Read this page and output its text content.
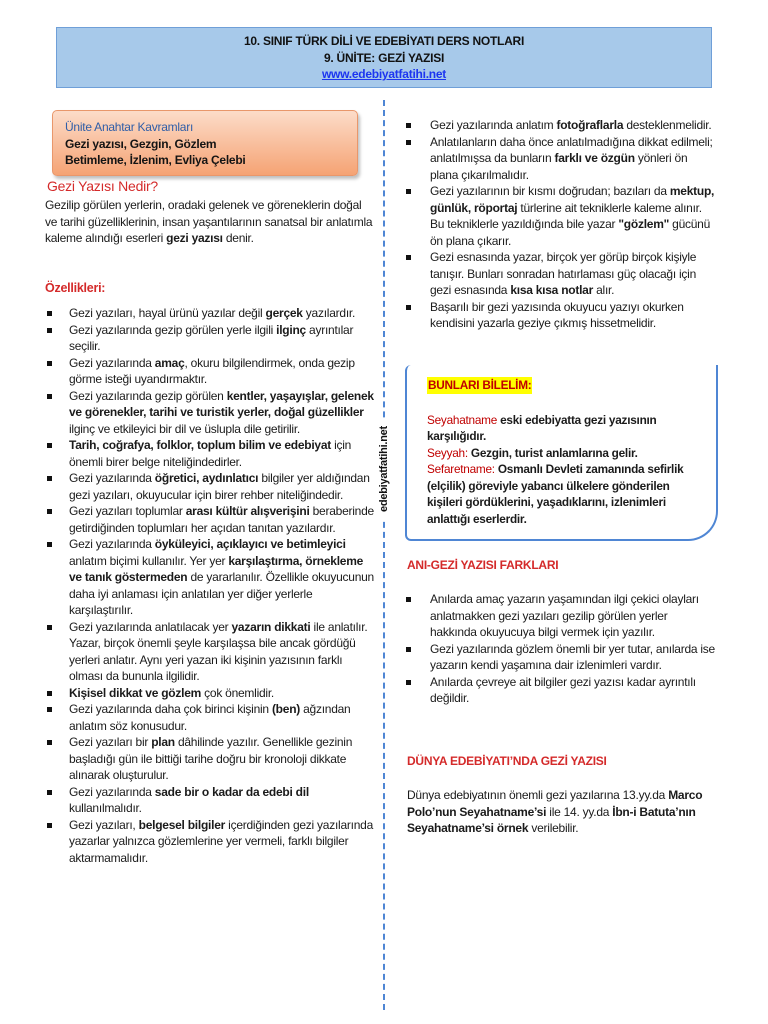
10. SINIF TÜRK DİLİ VE EDEBİYATI DERS NOTLARI
9. ÜNİTE: GEZİ YAZISI
www.edebiyatfatihi.net
Ünite Anahtar Kavramları
Gezi yazısı, Gezgin, Gözlem
Betimleme, İzlenim, Evliya Çelebi
Gezi Yazısı Nedir?

Gezilip görülen yerlerin, oradaki gelenek ve göreneklerin doğal ve tarihi güzelliklerinin, insan yaşantılarının sanatsal bir anlatımla kaleme alındığı eserleri gezi yazısı denir.

Özellikleri:
Gezi yazıları, hayal ürünü yazılar değil gerçek yazılardır.
Gezi yazılarında gezip görülen yerle ilgili ilginç ayrıntılar seçilir.
Gezi yazılarında amaç, okuru bilgilendirmek, onda gezip görme isteği uyandırmaktır.
Gezi yazılarında gezip görülen kentler, yaşayışlar, gelenek ve görenekler, tarihi ve turistik yerler, doğal güzellikler ilginç ve etkileyici bir dil ve üslupla dile getirilir.
Tarih, coğrafya, folklor, toplum bilim ve edebiyat için önemli birer belge niteliğindedirler.
Gezi yazılarında öğretici, aydınlatıcı bilgiler yer aldığından gezi yazıları, okuyucular için birer rehber niteliğindedir.
Gezi yazıları toplumlar arası kültür alışverişini beraberinde getirdiğinden toplumları her açıdan tanıtan yazılardır.
Gezi yazılarında öyküleyici, açıklayıcı ve betimleyici anlatım biçimi kullanılır. Yer yer karşılaştırma, örnekleme ve tanık göstermeden de yararlanılır. Özellikle okuyucunun daha iyi anlaması için anlatılan yer diğer yerlerle karşılaştırılır.
Gezi yazılarında anlatılacak yer yazarın dikkati ile anlatılır. Yazar, birçok önemli şeyle karşılaşsa bile ancak gördüğü yerleri anlatır. Aynı yeri yazan iki kişinin yazısının farklı olması da bununla ilgilidir.
Kişisel dikkat ve gözlem çok önemlidir.
Gezi yazılarında daha çok birinci kişinin (ben) ağzından anlatım söz konusudur.
Gezi yazıları bir plan dâhilinde yazılır. Genellikle gezinin başladığı gün ile bittiği tarihe doğru bir kronoloji dikkate alınarak oluşturulur.
Gezi yazılarında sade bir o kadar da edebi dil kullanılmalıdır.
Gezi yazıları, belgesel bilgiler içerdiğinden gezi yazılarında yazarlar yalnızca gözlemlerine yer vermeli, farklı bilgiler aktarmamalıdır.
edebiyatfatihi.net
Gezi yazılarında anlatım fotoğraflarla desteklenmelidir.
Anlatılanların daha önce anlatılmadığına dikkat edilmeli; anlatılmışsa da bunların farklı ve özgün yönleri ön plana çıkarılmalıdır.
Gezi yazılarının bir kısmı doğrudan; bazıları da mektup, günlük, röportaj türlerine ait tekniklerle kaleme alınır. Bu tekniklerle yazıldığında bile yazar "gözlem" gücünü ön plana çıkarır.
Gezi esnasında yazar, birçok yer görüp birçok kişiyle tanışır. Bunları sonradan hatırlaması güç olacağı için gezi esnasında kısa kısa notlar alır.
Başarılı bir gezi yazısında okuyucu yazıyı okurken kendisini yazarla geziye çıkmış hissetmelidir.
BUNLARI BİLELİM:

Seyahatname eski edebiyatta gezi yazısının karşılığıdır.

Seyyah: Gezgin, turist anlamlarına gelir.

Sefaretname: Osmanlı Devleti zamanında sefirlik (elçilik) göreviyle yabancı ülkelere gönderilen kişileri gördüklerini, yaşadıklarını, izlenimleri anlattığı eserlerdir.

ANI-GEZİ YAZISI FARKLARI
Anılarda amaç yazarın yaşamından ilgi çekici olayları anlatmakken gezi yazıları gezilip görülen yerler hakkında okuyucuya bilgi vermek için yazılır.
Gezi yazılarında gözlem önemli bir yer tutar, anılarda ise yazarın kendi yaşamına dair izlenimleri vardır.
Anılarda çevreye ait bilgiler gezi yazısı kadar ayrıntılı değildir.
DÜNYA EDEBİYATI’NDA GEZİ YAZISI

Dünya edebiyatının önemli gezi yazılarına 13.yy.da Marco Polo’nun Seyahatname’si ile 14. yy.da İbn-i Batuta’nın Seyahatname’si örnek verilebilir.
